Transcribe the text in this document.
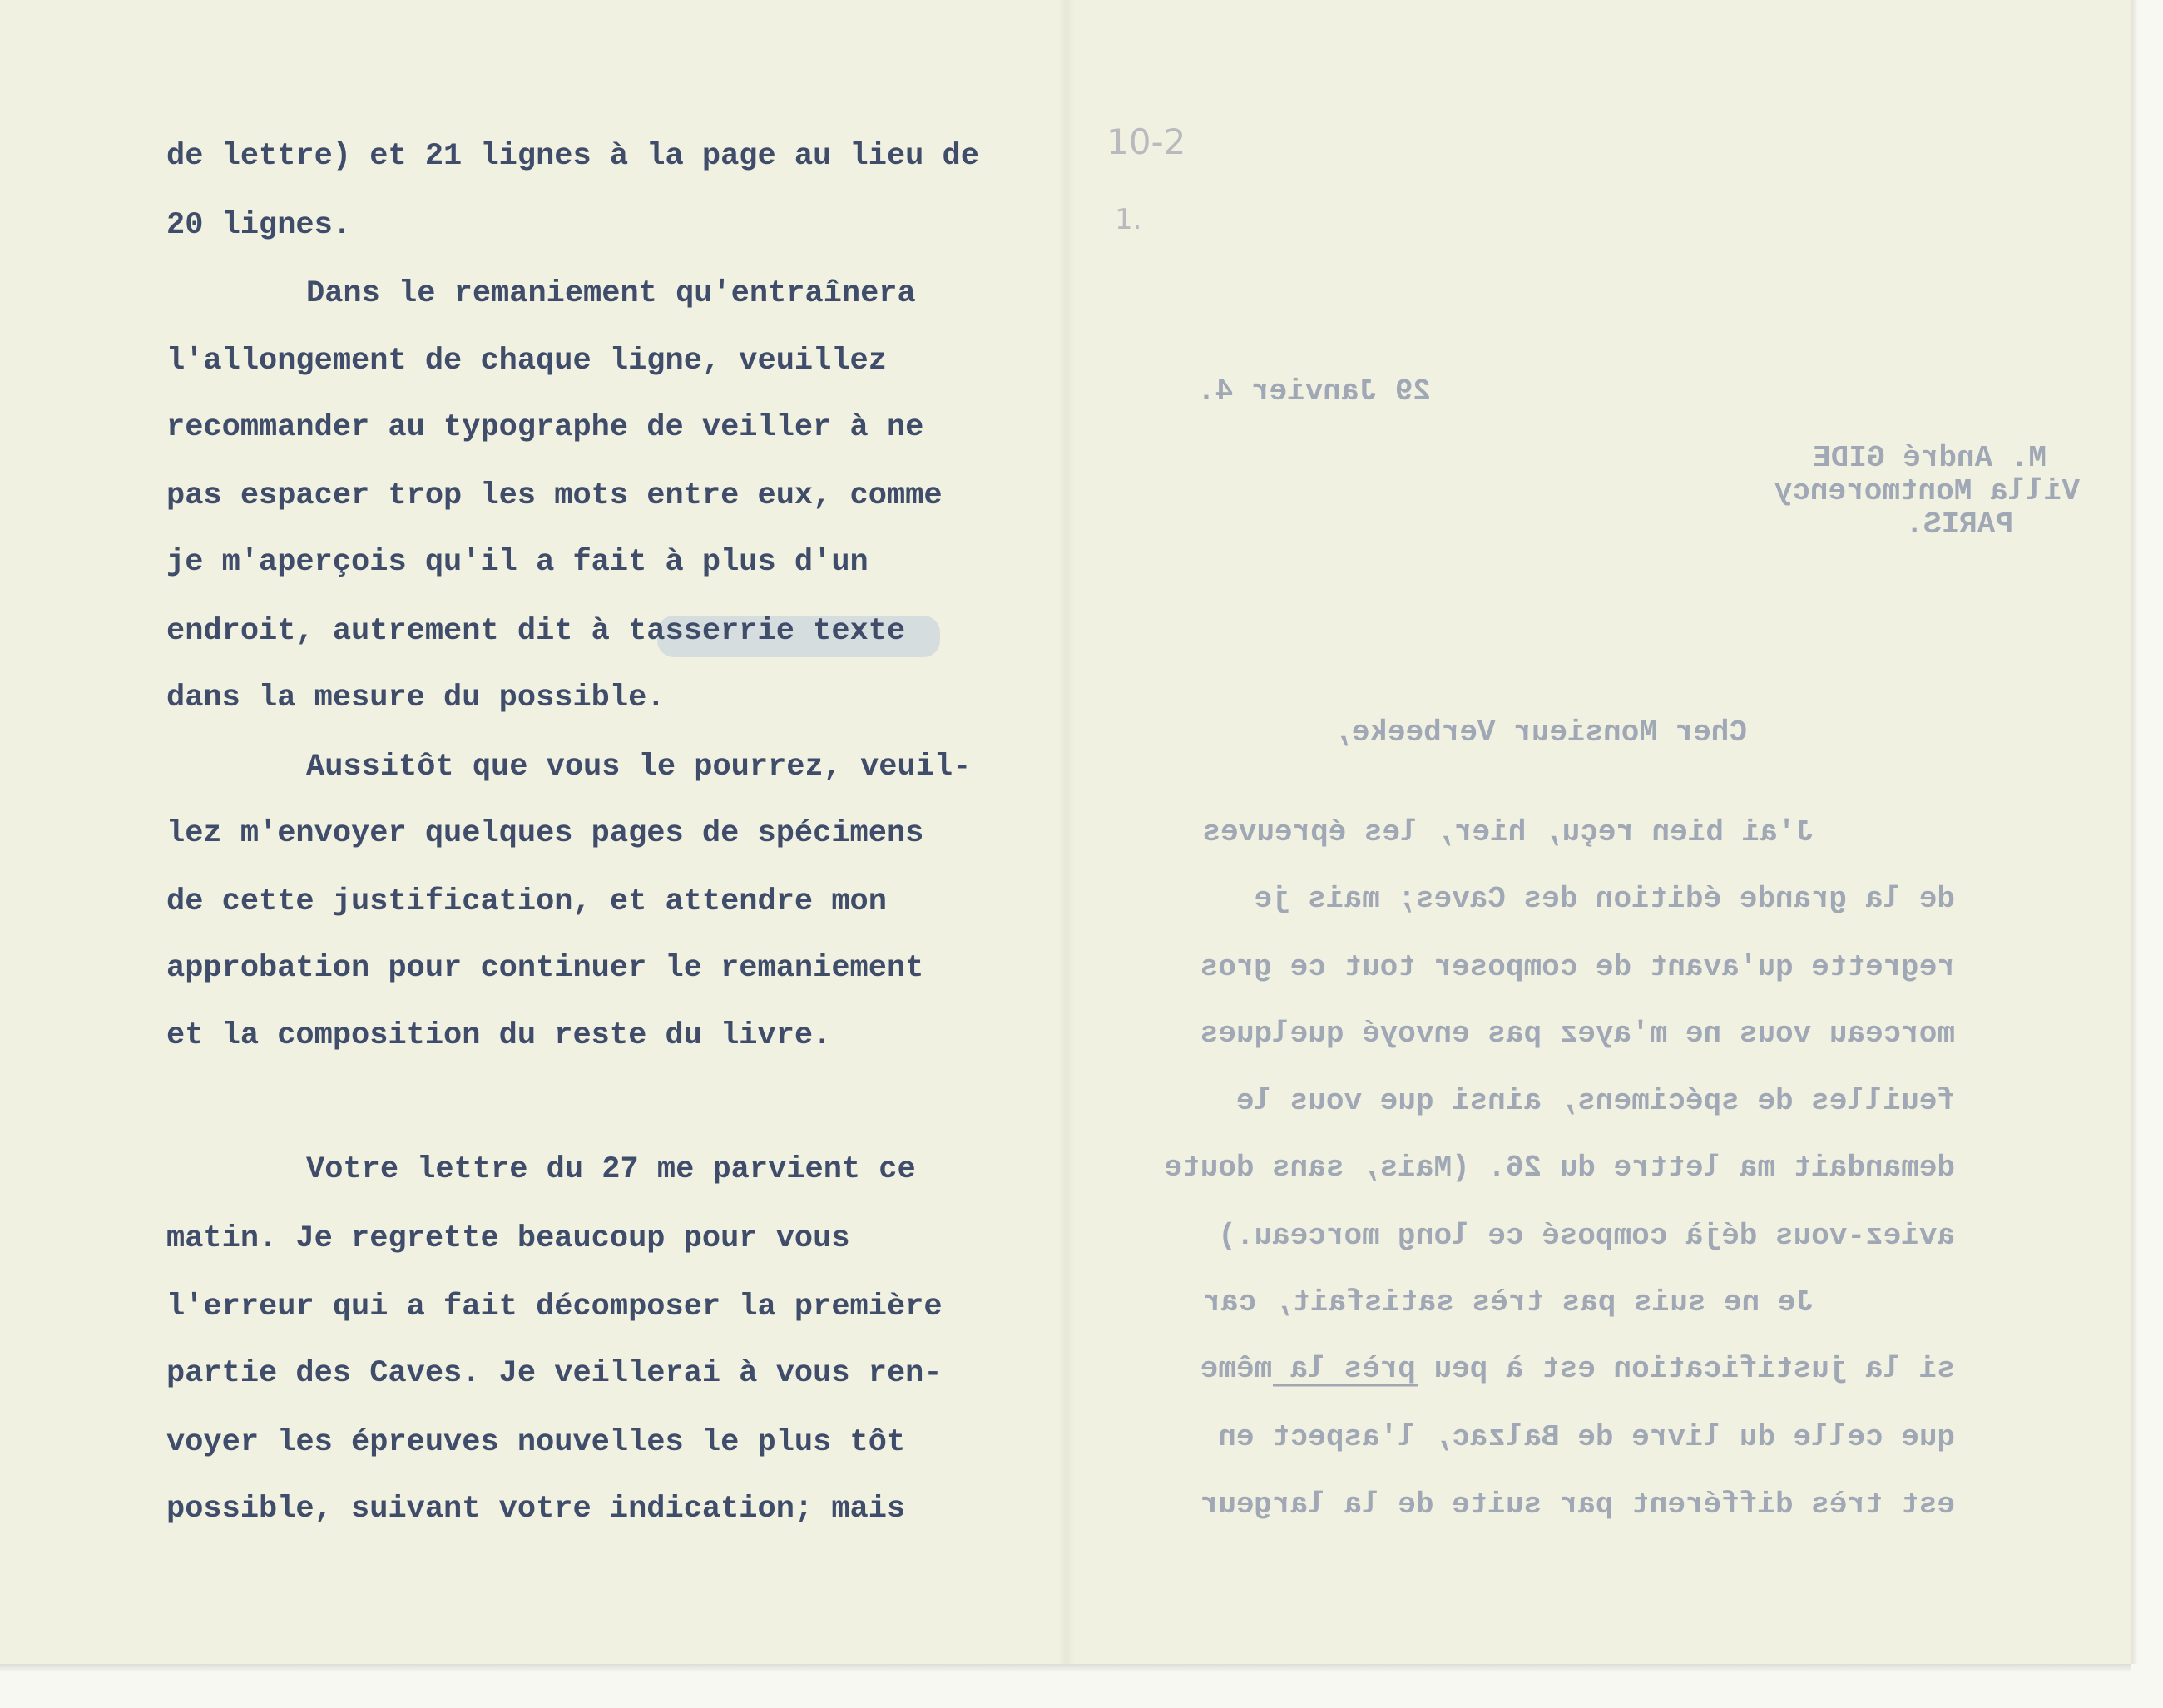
de lettre) et 21 lignes à la page au lieu de
20 lignes.
Dans le remaniement qu'entraînera
l'allongement de chaque ligne, veuillez
recommander au typographe de veiller à ne
pas espacer trop les mots entre eux, comme
je m'aperçois qu'il a fait à plus d'un
endroit, autrement dit à tasserrie texte
dans la mesure du possible.
Aussitôt que vous le pourrez, veuil-
lez m'envoyer quelques pages de spécimens
de cette justification, et attendre mon
approbation pour continuer le remaniement
et la composition du reste du livre.
Votre lettre du 27 me parvient ce
matin. Je regrette beaucoup pour vous
l'erreur qui a fait décomposer la première
partie des Caves. Je veillerai à vous ren-
voyer les épreuves nouvelles le plus tôt
possible, suivant votre indication; mais
29 Janvier 4.
M. André GIDE
Villa Montmorency
PARIS.
Cher Monsieur Verbeeke,
J'ai bien reçu, hier, les épreuves
de la grande édition des Caves; mais je
regrette qu'avant de composer tout ce gros
morceau vous ne m'ayez pas envoyé quelques
feuilles de spécimens, ainsi que vous le
demandait ma lettre du 26. (Mais, sans doute
aviez-vous déjà composé ce long morceau.)
Je ne suis pas très satisfait, car
si la justification est à peu près la même
que celle du livre de Balzac, l'aspect en
est très différent par suite de la largeur
10-2
1.
